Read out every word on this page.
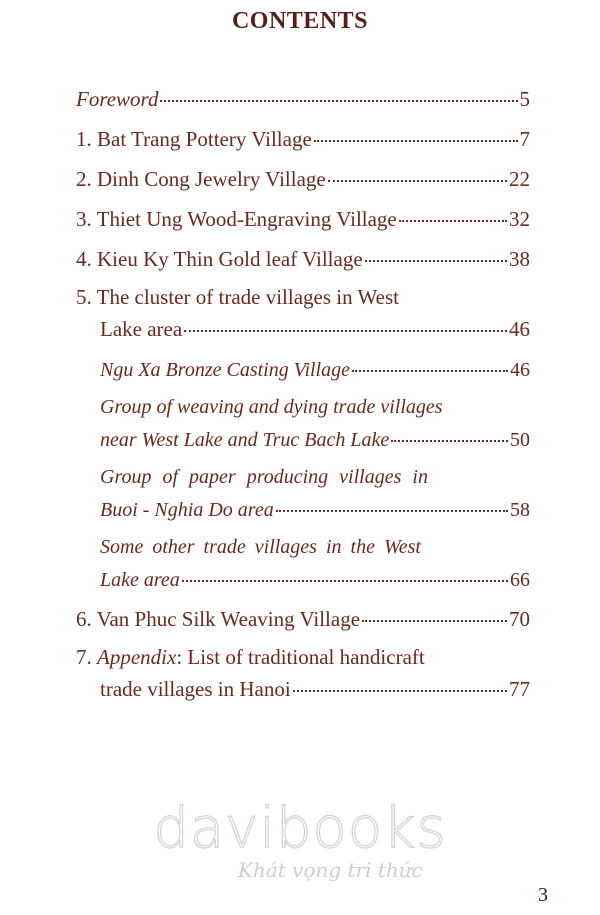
CONTENTS
Foreword	5
1. Bat Trang Pottery Village	7
2. Dinh Cong Jewelry Village	22
3. Thiet Ung Wood-Engraving Village	32
4. Kieu Ky Thin Gold leaf Village	38
5. The cluster of trade villages in West
Lake area	46
Ngu Xa Bronze Casting Village	46
Group of weaving and dying trade villages
near West Lake and Truc Bach Lake	50
Group of paper producing villages in
Buoi - Nghia Do area	58
Some other trade villages in the West
Lake area	66
6. Van Phuc Silk Weaving Village	70
7. Appendix: List of traditional handicraft
trade villages in Hanoi	77
davibooks
Khát vọng tri thức
3
